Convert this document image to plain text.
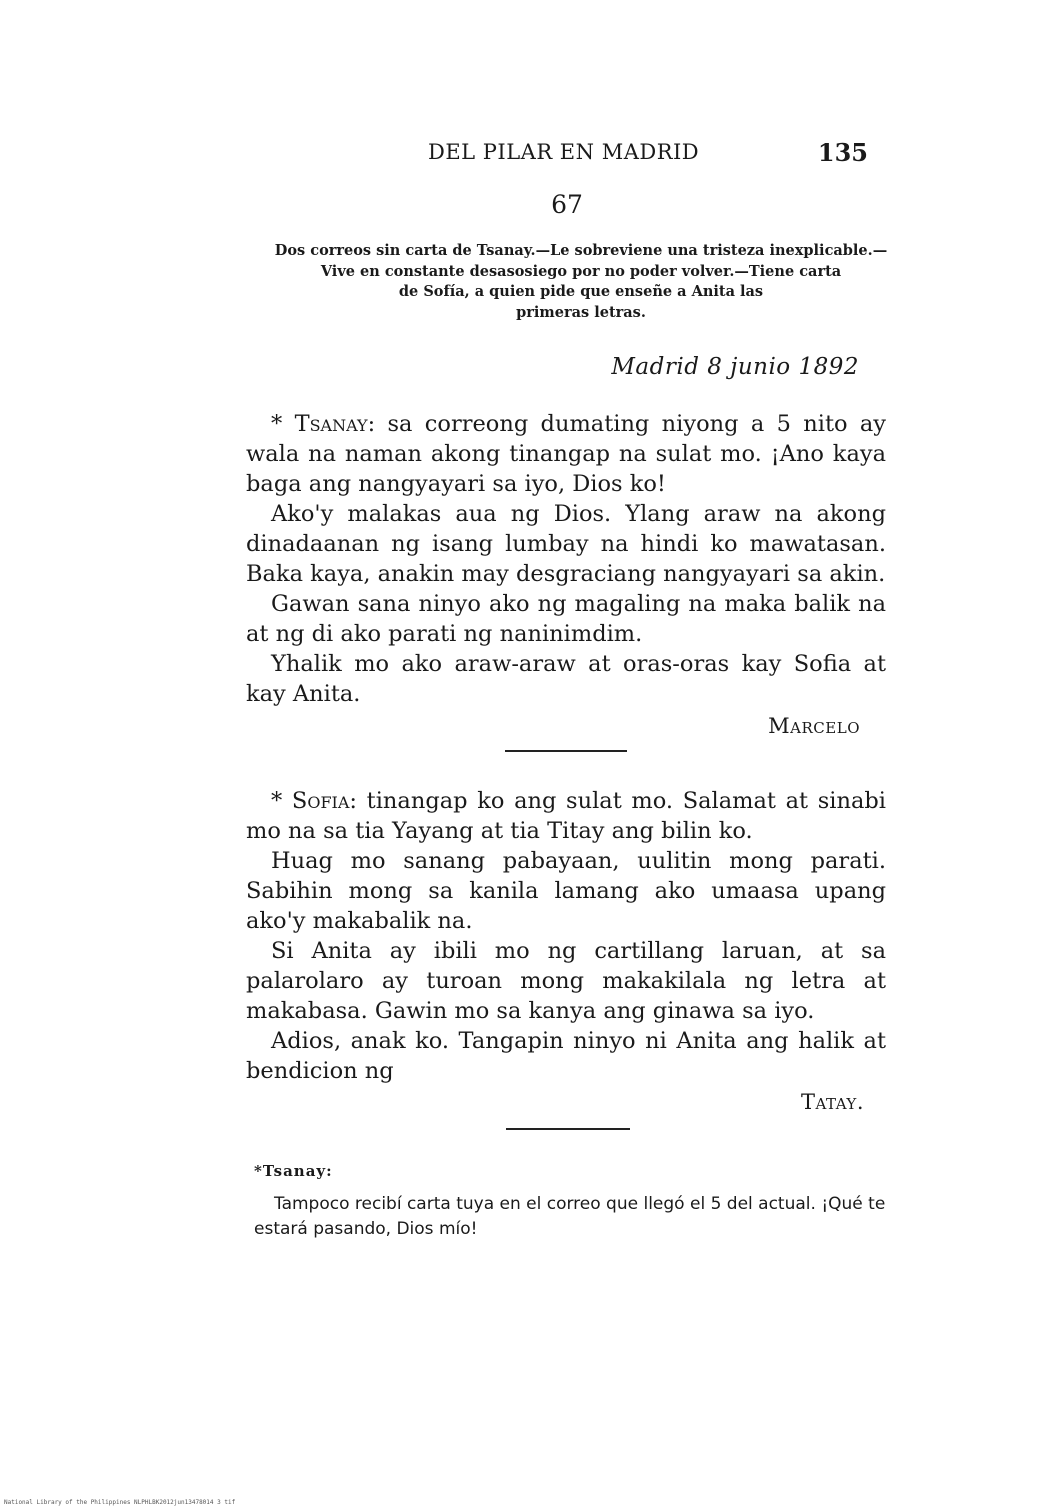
DEL PILAR EN MADRID	135
67
Dos correos sin carta de Tsanay.—Le sobreviene una tristeza inexplicable.—
Vive en constante desasosiego por no poder volver.—Tiene carta
de Sofía, a quien pide que enseñe a Anita las
primeras letras.
Madrid 8 junio 1892

* Tsanay: sa correong dumating niyong a 5 nito ay wala na naman akong tinangap na sulat mo. ¡Ano kaya baga ang nangyayari sa iyo, Dios ko!

Ako'y malakas aua ng Dios. Ylang araw na akong dinadaanan ng isang lumbay na hindi ko mawatasan. Baka kaya, anakin may desgraciang nangyayari sa akin.

Gawan sana ninyo ako ng magaling na maka balik na at ng di ako parati ng naninimdim.

Yhalik mo ako araw-araw at oras-oras kay Sofia at kay Anita.

Marcelo

* Sofia: tinangap ko ang sulat mo. Salamat at sinabi mo na sa tia Yayang at tia Titay ang bilin ko.

Huag mo sanang pabayaan, uulitin mong parati. Sabihin mong sa kanila lamang ako umaasa upang ako'y makabalik na.

Si Anita ay ibili mo ng cartillang laruan, at sa palarolaro ay turoan mong makakilala ng letra at makabasa. Gawin mo sa kanya ang ginawa sa iyo.

Adios, anak ko. Tangapin ninyo ni Anita ang halik at bendicion ng

Tatay.
*Tsanay:

Tampoco recibí carta tuya en el correo que llegó el 5 del actual. ¡Qué te estará pasando, Dios mío!

National Library of the Philippines NLPHLBK2012jun13478014 3 tif
